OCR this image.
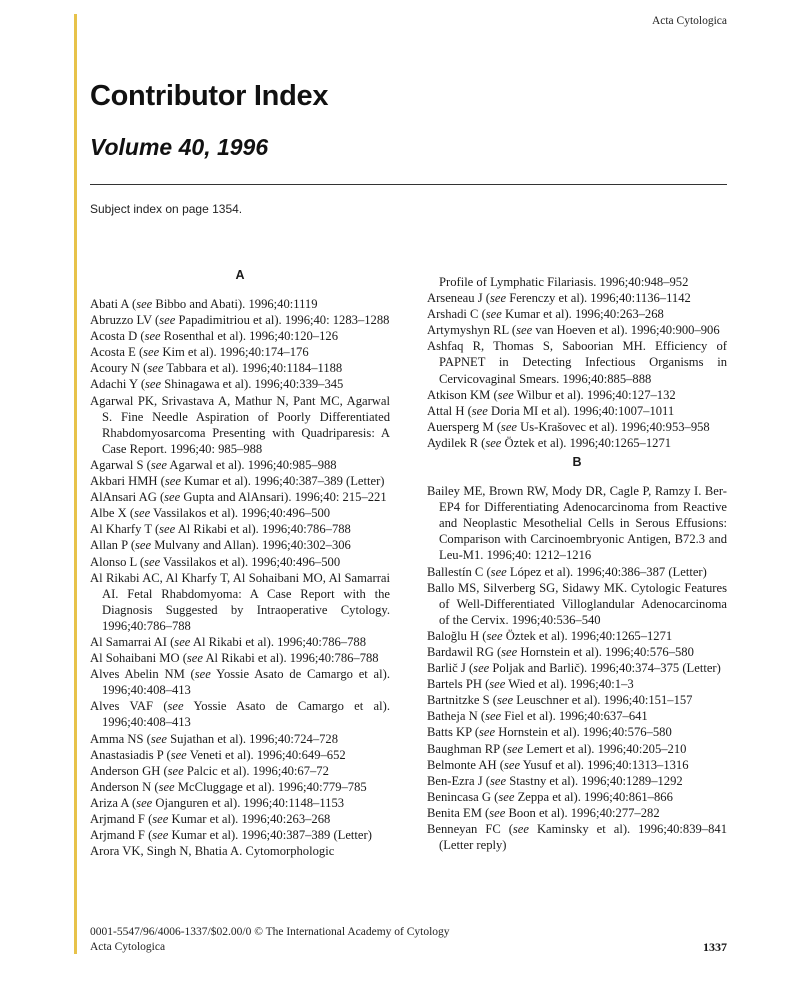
Acta Cytologica
Contributor Index
Volume 40, 1996
Subject index on page 1354.
A
Abati A (see Bibbo and Abati). 1996;40:1119
Abruzzo LV (see Papadimitriou et al). 1996;40: 1283–1288
Acosta D (see Rosenthal et al). 1996;40:120–126
Acosta E (see Kim et al). 1996;40:174–176
Acoury N (see Tabbara et al). 1996;40:1184–1188
Adachi Y (see Shinagawa et al). 1996;40:339–345
Agarwal PK, Srivastava A, Mathur N, Pant MC, Agarwal S. Fine Needle Aspiration of Poorly Differentiated Rhabdomyosarcoma Presenting with Quadriparesis: A Case Report. 1996;40: 985–988
Agarwal S (see Agarwal et al). 1996;40:985–988
Akbari HMH (see Kumar et al). 1996;40:387–389 (Letter)
AlAnsari AG (see Gupta and AlAnsari). 1996;40: 215–221
Albe X (see Vassilakos et al). 1996;40:496–500
Al Kharfy T (see Al Rikabi et al). 1996;40:786–788
Allan P (see Mulvany and Allan). 1996;40:302–306
Alonso L (see Vassilakos et al). 1996;40:496–500
Al Rikabi AC, Al Kharfy T, Al Sohaibani MO, Al Samarrai AI. Fetal Rhabdomyoma: A Case Report with the Diagnosis Suggested by Intraoperative Cytology. 1996;40:786–788
Al Samarrai AI (see Al Rikabi et al). 1996;40:786–788
Al Sohaibani MO (see Al Rikabi et al). 1996;40:786–788
Alves Abelin NM (see Yossie Asato de Camargo et al). 1996;40:408–413
Alves VAF (see Yossie Asato de Camargo et al). 1996;40:408–413
Amma NS (see Sujathan et al). 1996;40:724–728
Anastasiadis P (see Veneti et al). 1996;40:649–652
Anderson GH (see Palcic et al). 1996;40:67–72
Anderson N (see McCluggage et al). 1996;40:779–785
Ariza A (see Ojanguren et al). 1996;40:1148–1153
Arjmand F (see Kumar et al). 1996;40:263–268
Arjmand F (see Kumar et al). 1996;40:387–389 (Letter)
Arora VK, Singh N, Bhatia A. Cytomorphologic
Profile of Lymphatic Filariasis. 1996;40:948–952
Arseneau J (see Ferenczy et al). 1996;40:1136–1142
Arshadi C (see Kumar et al). 1996;40:263–268
Artymyshyn RL (see van Hoeven et al). 1996;40:900–906
Ashfaq R, Thomas S, Saboorian MH. Efficiency of PAPNET in Detecting Infectious Organisms in Cervicovaginal Smears. 1996;40:885–888
Atkison KM (see Wilbur et al). 1996;40:127–132
Attal H (see Doria MI et al). 1996;40:1007–1011
Auersperg M (see Us-Krašovec et al). 1996;40:953–958
Aydilek R (see Öztek et al). 1996;40:1265–1271
B
Bailey ME, Brown RW, Mody DR, Cagle P, Ramzy I. Ber-EP4 for Differentiating Adenocarcinoma from Reactive and Neoplastic Mesothelial Cells in Serous Effusions: Comparison with Carcinoembryonic Antigen, B72.3 and Leu-M1. 1996;40: 1212–1216
Ballestín C (see López et al). 1996;40:386–387 (Letter)
Ballo MS, Silverberg SG, Sidawy MK. Cytologic Features of Well-Differentiated Villoglandular Adenocarcinoma of the Cervix. 1996;40:536–540
Baloğlu H (see Öztek et al). 1996;40:1265–1271
Bardawil RG (see Hornstein et al). 1996;40:576–580
Barlič J (see Poljak and Barlič). 1996;40:374–375 (Letter)
Bartels PH (see Wied et al). 1996;40:1–3
Bartnitzke S (see Leuschner et al). 1996;40:151–157
Batheja N (see Fiel et al). 1996;40:637–641
Batts KP (see Hornstein et al). 1996;40:576–580
Baughman RP (see Lemert et al). 1996;40:205–210
Belmonte AH (see Yusuf et al). 1996;40:1313–1316
Ben-Ezra J (see Stastny et al). 1996;40:1289–1292
Benincasa G (see Zeppa et al). 1996;40:861–866
Benita EM (see Boon et al). 1996;40:277–282
Benneyan FC (see Kaminsky et al). 1996;40:839–841 (Letter reply)
0001-5547/96/4006-1337/$02.00/0 © The International Academy of Cytology
Acta Cytologica	1337
